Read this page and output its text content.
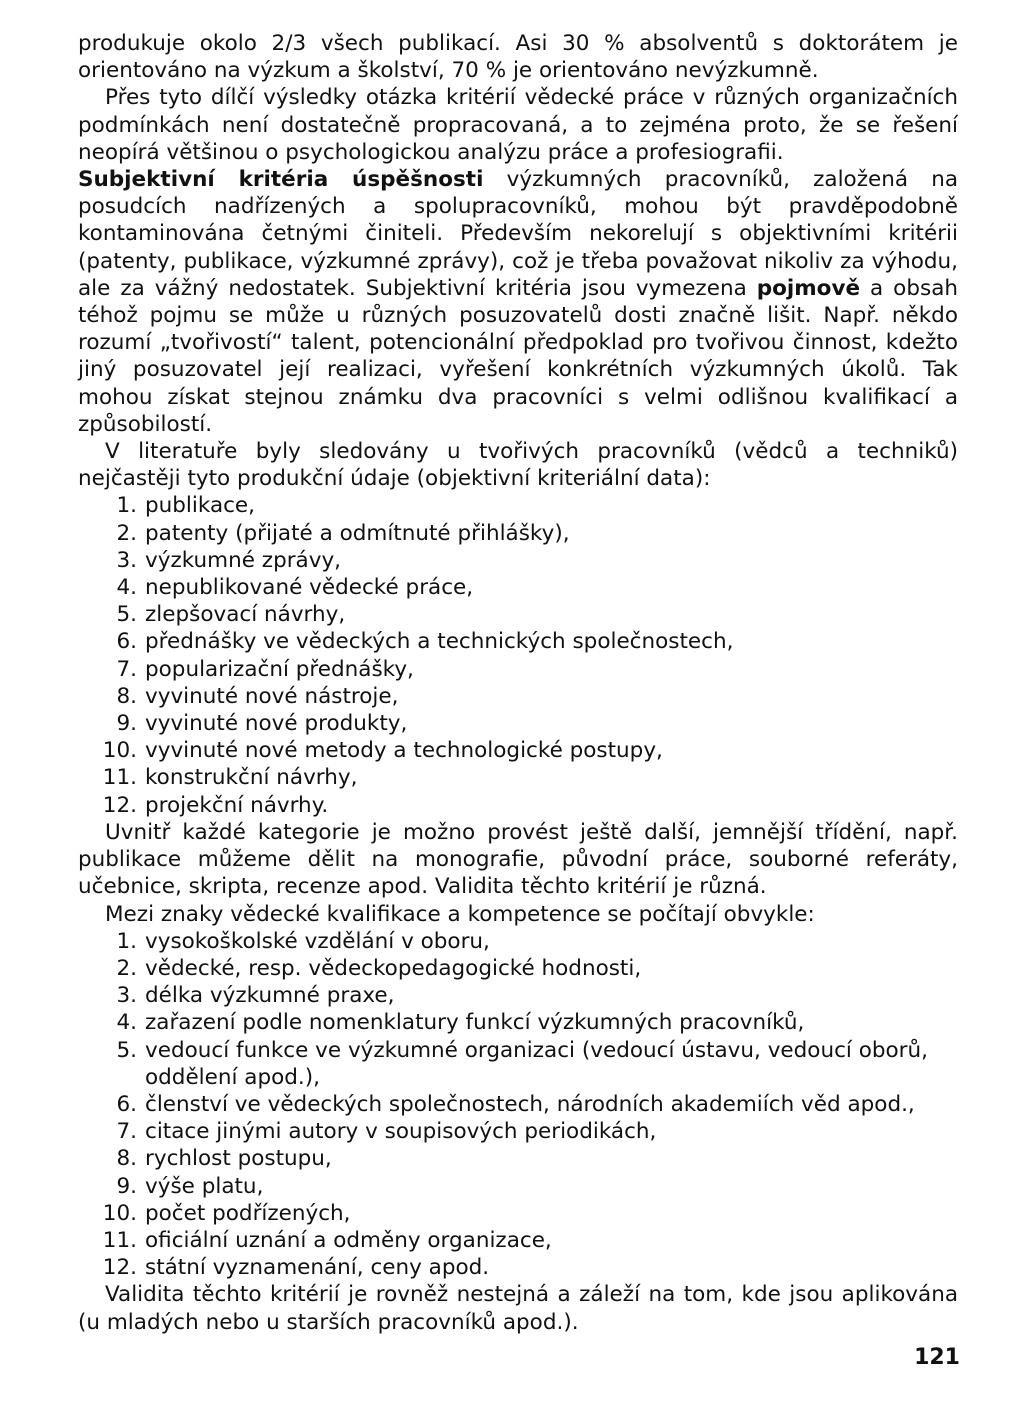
produkuje okolo 2/3 všech publikací. Asi 30 % absolventů s doktorátem je orientováno na výzkum a školství, 70 % je orientováno nevýzkumně.

Přes tyto dílčí výsledky otázka kritérií vědecké práce v různých organizačních podmínkách není dostatečně propracovaná, a to zejména proto, že se řešení neopírá většinou o psychologickou analýzu práce a profesiografii.

Subjektivní kritéria úspěšnosti výzkumných pracovníků, založená na posudcích nadřízených a spolupracovníků, mohou být pravděpodobně kontaminována četnými činiteli. Především nekorelují s objektivními kritérii (patenty, publikace, výzkumné zprávy), což je třeba považovat nikoliv za výhodu, ale za vážný nedostatek. Subjektivní kritéria jsou vymezena pojmově a obsah téhož pojmu se může u různých posuzovatelů dosti značně lišit. Např. někdo rozumí „tvořivostí“ talent, potencionální předpoklad pro tvořivou činnost, kdežto jiný posuzovatel její realizaci, vyřešení konkrétních výzkumných úkolů. Tak mohou získat stejnou známku dva pracovníci s velmi odlišnou kvalifikací a způsobilostí.

V literatuře byly sledovány u tvořivých pracovníků (vědců a techniků) nejčastěji tyto produkční údaje (objektivní kriteriální data):

1. publikace,
2. patenty (přijaté a odmítnuté přihlášky),
3. výzkumné zprávy,
4. nepublikované vědecké práce,
5. zlepšovací návrhy,
6. přednášky ve vědeckých a technických společnostech,
7. popularizační přednášky,
8. vyvinuté nové nástroje,
9. vyvinuté nové produkty,
10. vyvinuté nové metody a technologické postupy,
11. konstrukční návrhy,
12. projekční návrhy.

Uvnitř každé kategorie je možno provést ještě další, jemnější třídění, např. publikace můžeme dělit na monografie, původní práce, souborné referáty, učebnice, skripta, recenze apod. Validita těchto kritérií je různá.

Mezi znaky vědecké kvalifikace a kompetence se počítají obvykle:

1. vysokoškolské vzdělání v oboru,
2. vědecké, resp. vědeckopedagogické hodnosti,
3. délka výzkumné praxe,
4. zařazení podle nomenklatury funkcí výzkumných pracovníků,
5. vedoucí funkce ve výzkumné organizaci (vedoucí ústavu, vedoucí oborů, oddělení apod.),
6. členství ve vědeckých společnostech, národních akademiích věd apod.,
7. citace jinými autory v soupisových periodikách,
8. rychlost postupu,
9. výše platu,
10. počet podřízených,
11. oficiální uznání a odměny organizace,
12. státní vyznamenání, ceny apod.

Validita těchto kritérií je rovněž nestejná a záleží na tom, kde jsou aplikována (u mladých nebo u starších pracovníků apod.).

121
